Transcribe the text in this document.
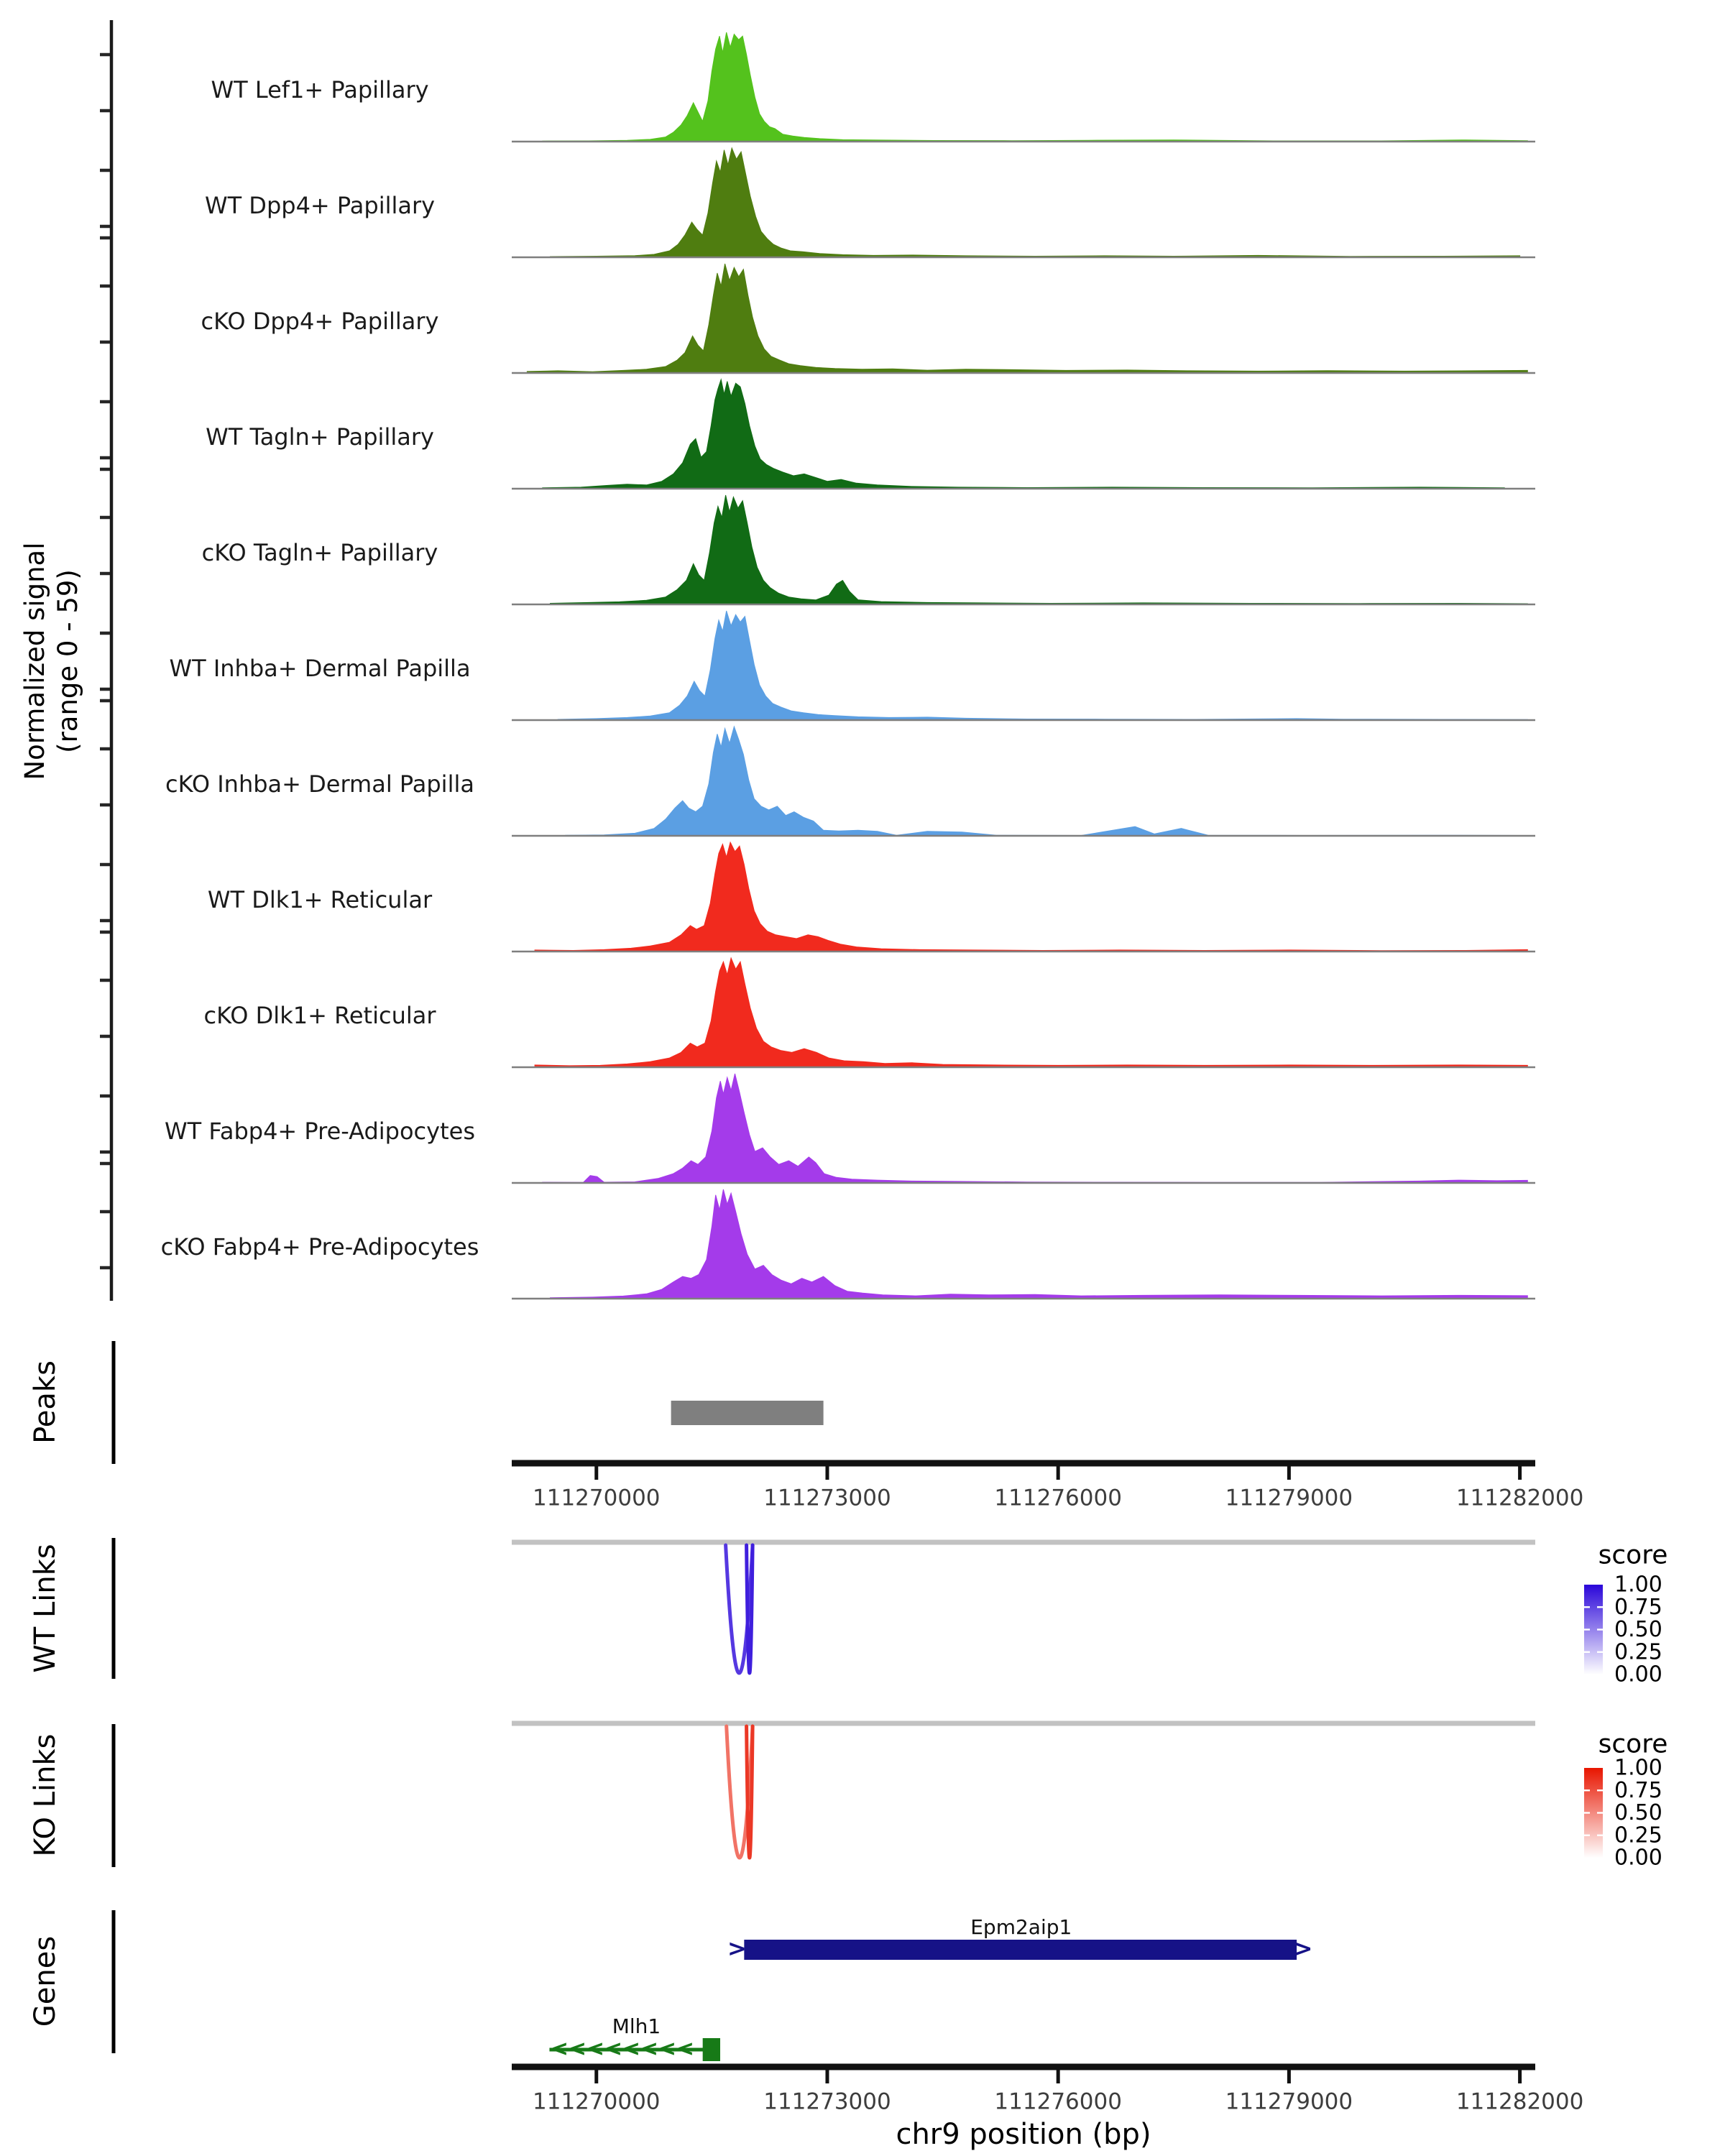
WT Lef1+ Papillary
WT Dpp4+ Papillary
cKO Dpp4+ Papillary
WT Tagln+ Papillary
cKO Tagln+ Papillary
WT Inhba+ Dermal Papilla
cKO Inhba+ Dermal Papilla
WT Dlk1+ Reticular
cKO Dlk1+ Reticular
WT Fabp4+ Pre-Adipocytes
cKO Fabp4+ Pre-Adipocytes
111270000	111273000	111276000	111279000	111282000
111270000	111273000	111276000	111279000	111282000
1.00
0.75
0.50
0.25
0.00
1.00
0.75
0.50
0.25
0.00
>	>
Epm2aip1
< < < < < < < <
Mlh1
Normalized signal (range 0 - 59)
Peaks
WT Links
KO Links
Genes
score
score
chr9 position (bp)
